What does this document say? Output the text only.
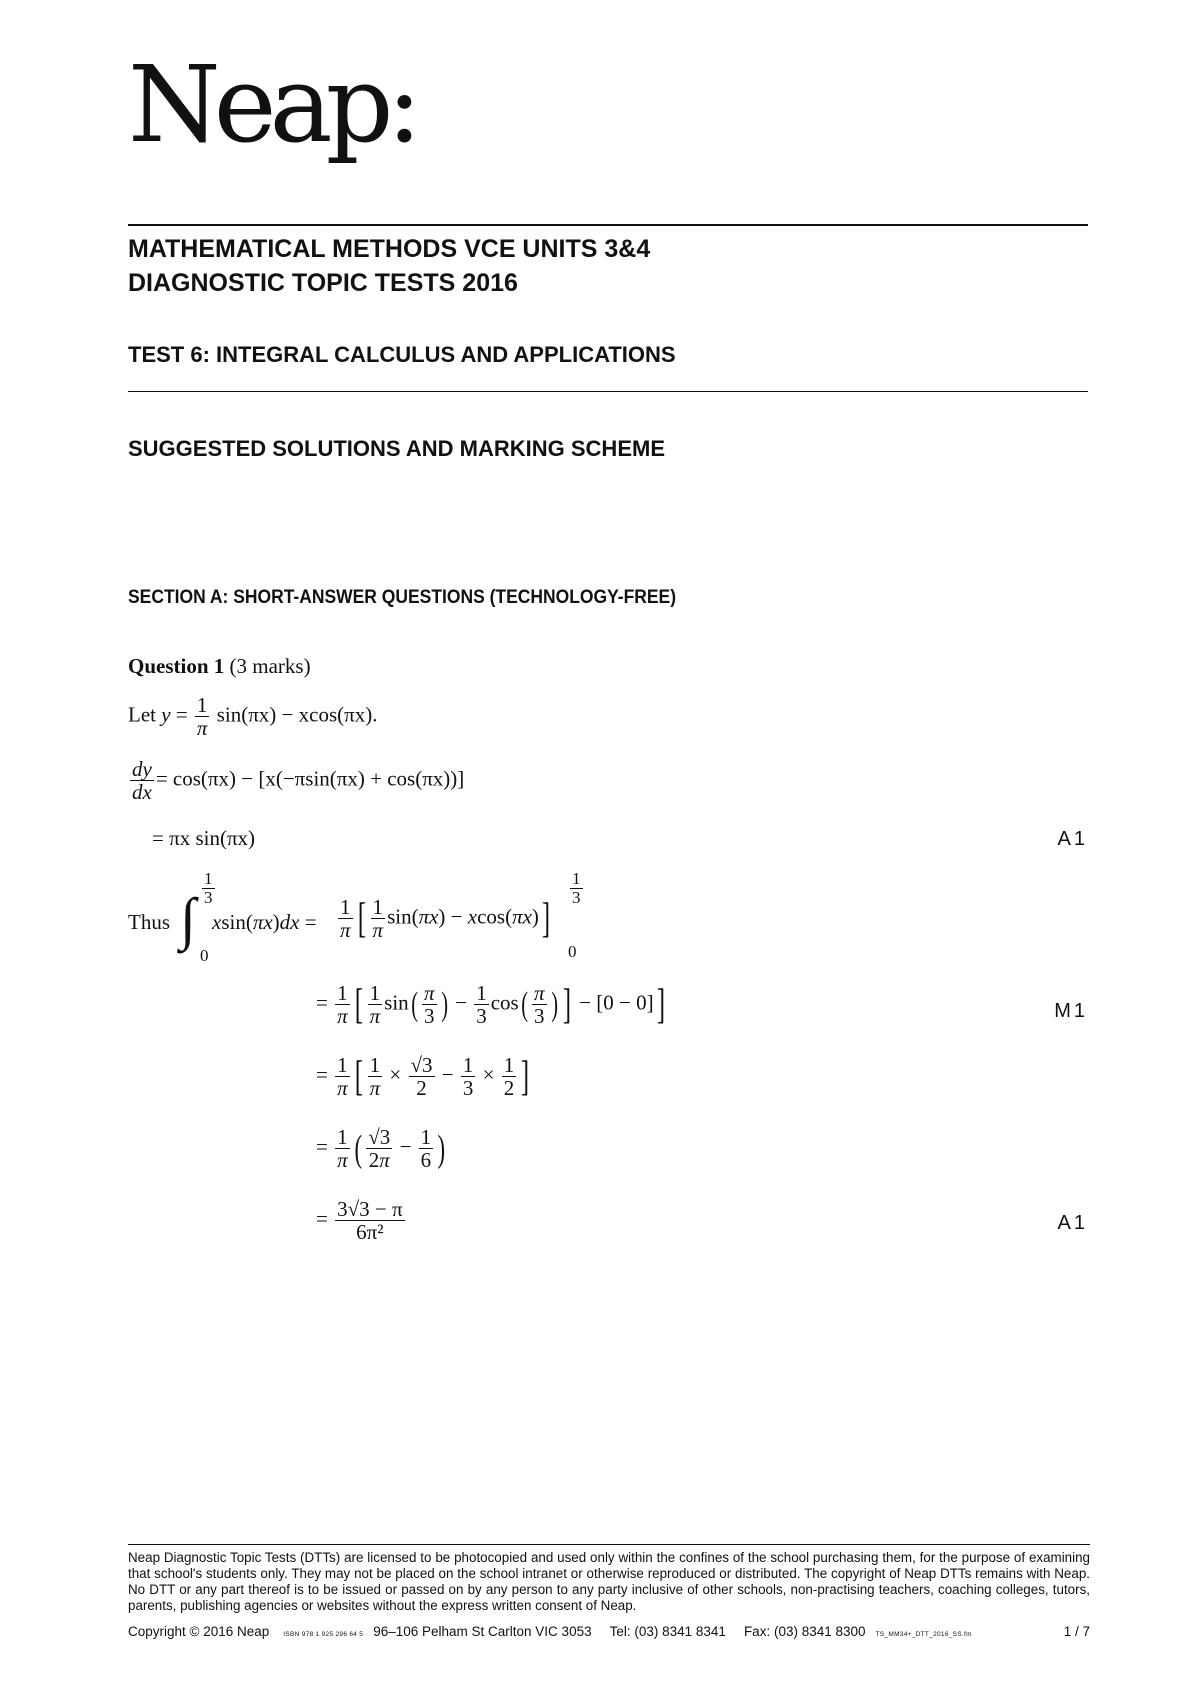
Neap:
MATHEMATICAL METHODS VCE UNITS 3&4
DIAGNOSTIC TOPIC TESTS 2016
TEST 6: INTEGRAL CALCULUS AND APPLICATIONS
SUGGESTED SOLUTIONS AND MARKING SCHEME
SECTION A: SHORT-ANSWER QUESTIONS (TECHNOLOGY-FREE)
Question 1 (3 marks)
Let $y = \frac{1}{\pi} \sin(\pi x) - xcos(\pi x)$.
$\frac{dy}{dx} = \cos(\pi x) - [x(-\pi\sin(\pi x) + \cos(\pi x))]$
= πx sin(πx)	A1
Thus ∫ $\frac{1}{3}$
0
$xsin(\pi x)dx = \frac{1}{\pi}$ [ $\frac{1}{\pi} \sin(\pi x) - xcos(\pi x)$]
$\frac{1}{3}$
0
= $\frac{1}{\pi}$ [ $\frac{1}{\pi} \sin( \frac{\pi}{3}$ ) − $\frac{1}{3} \cos( \frac{\pi}{3}$ ) ] − [0 − 0]]	M1
= $\frac{1}{\pi}$ [ $\frac{1}{\pi} \times \frac{√3}{2} - \frac{1}{3} \times \frac{1}{2}$ ]
= $\frac{1}{\pi}$ ( $\frac{√3}{2\pi} - \frac{1}{6}$ )
= $\frac{3√3 - \pi}{\text{6π²}}$	A1
Neap Diagnostic Topic Tests (DTTs) are licensed to be photocopied and used only within the confines of the school purchasing them, for the purpose of examining that school's students only. They may not be placed on the school intranet or otherwise reproduced or distributed. The copyright of Neap DTTs remains with Neap. No DTT or any part thereof is to be issued or passed on by any person to any party inclusive of other schools, non-practising teachers, coaching colleges, tutors, parents, publishing agencies or websites without the express written consent of Neap.
Copyright © 2016 Neap ISBN 978 1 925 296 64 5 96–106 Pelham St Carlton VIC 3053 Tel: (03) 8341 8341 Fax: (03) 8341 8300 TS_MM34+_DTT_2016_SS.fm	1 / 7
